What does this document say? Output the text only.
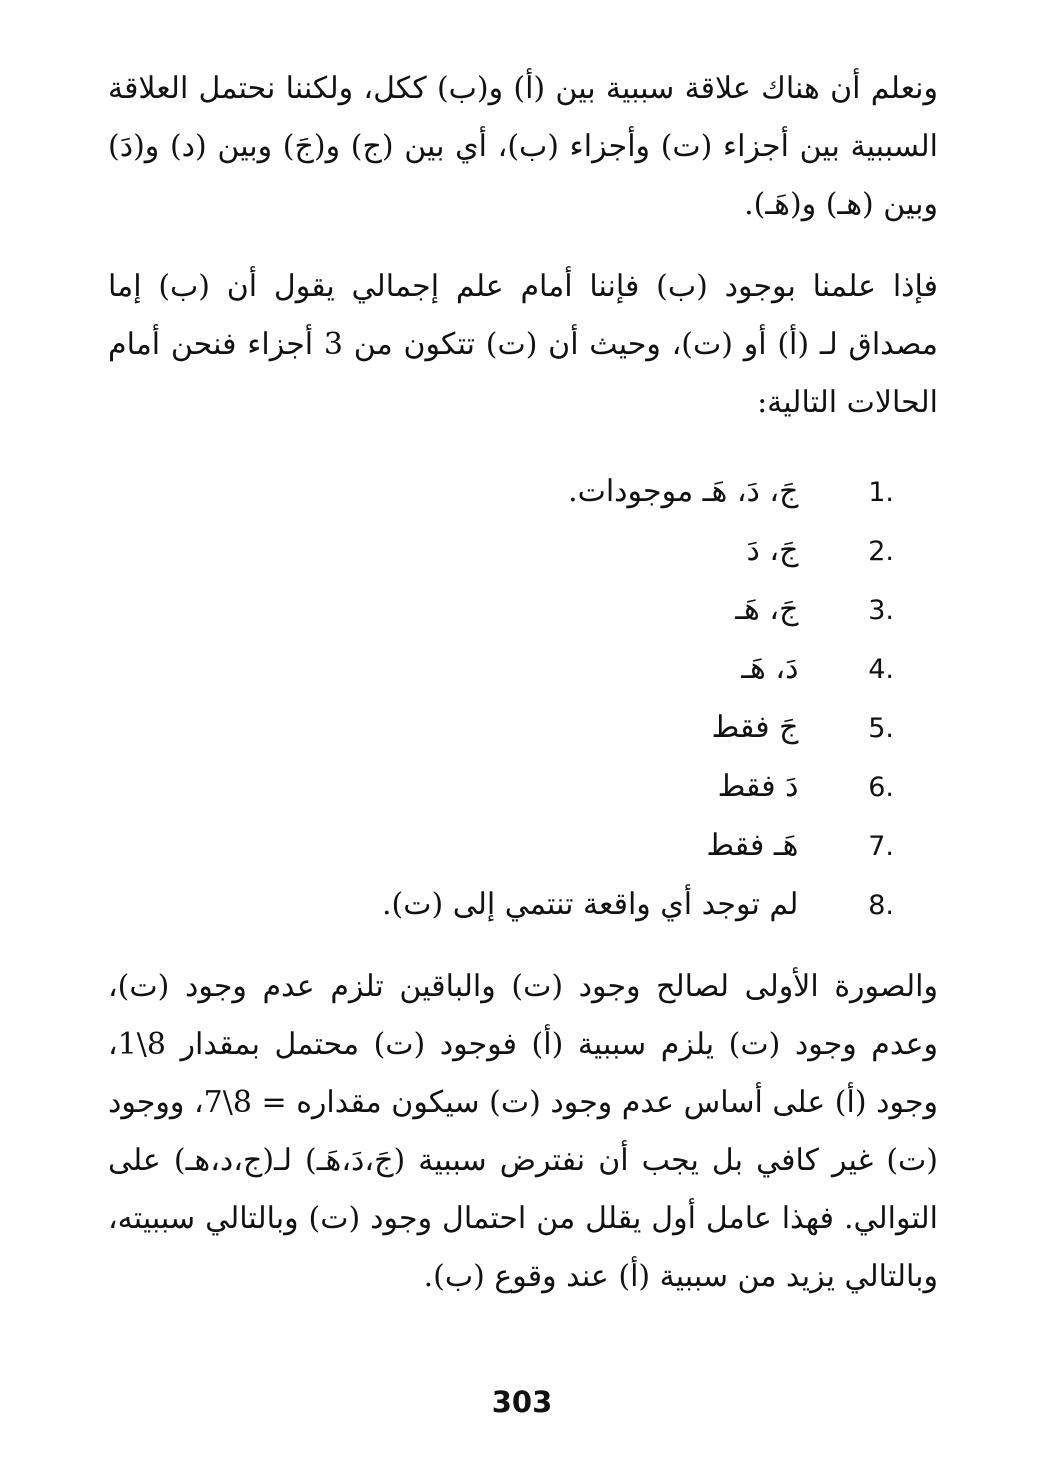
ونعلم أن هناك علاقة سببية بين (أ) و(ب) ككل، ولكننا نحتمل العلاقة السببية بين أجزاء (ت) وأجزاء (ب)، أي بين (ج) و(جَ) وبين (د) و(دَ) وبين (هـ) و(هَـ).

فإذا علمنا بوجود (ب) فإننا أمام علم إجمالي يقول أن (ب) إما مصداق لـ (أ) أو (ت)، وحيث أن (ت) تتكون من 3 أجزاء فنحن أمام الحالات التالية:

1. جَ، دَ، هَـ موجودات.
2. جَ، دَ
3. جَ، هَـ
4. دَ، هَـ
5. جَ فقط
6. دَ فقط
7. هَـ فقط
8. لم توجد أي واقعة تنتمي إلى (ت).

والصورة الأولى لصالح وجود (ت) والباقين تلزم عدم وجود (ت)، وعدم وجود (ت) يلزم سببية (أ) فوجود (ت) محتمل بمقدار 8\1، وجود (أ) على أساس عدم وجود (ت) سيكون مقداره = 8\7، ووجود (ت) غير كافي بل يجب أن نفترض سببية (جَ،دَ،هَـ) لـ(ج،د،هـ) على التوالي. فهذا عامل أول يقلل من احتمال وجود (ت) وبالتالي سببيته، وبالتالي يزيد من سببية (أ) عند وقوع (ب).

303
